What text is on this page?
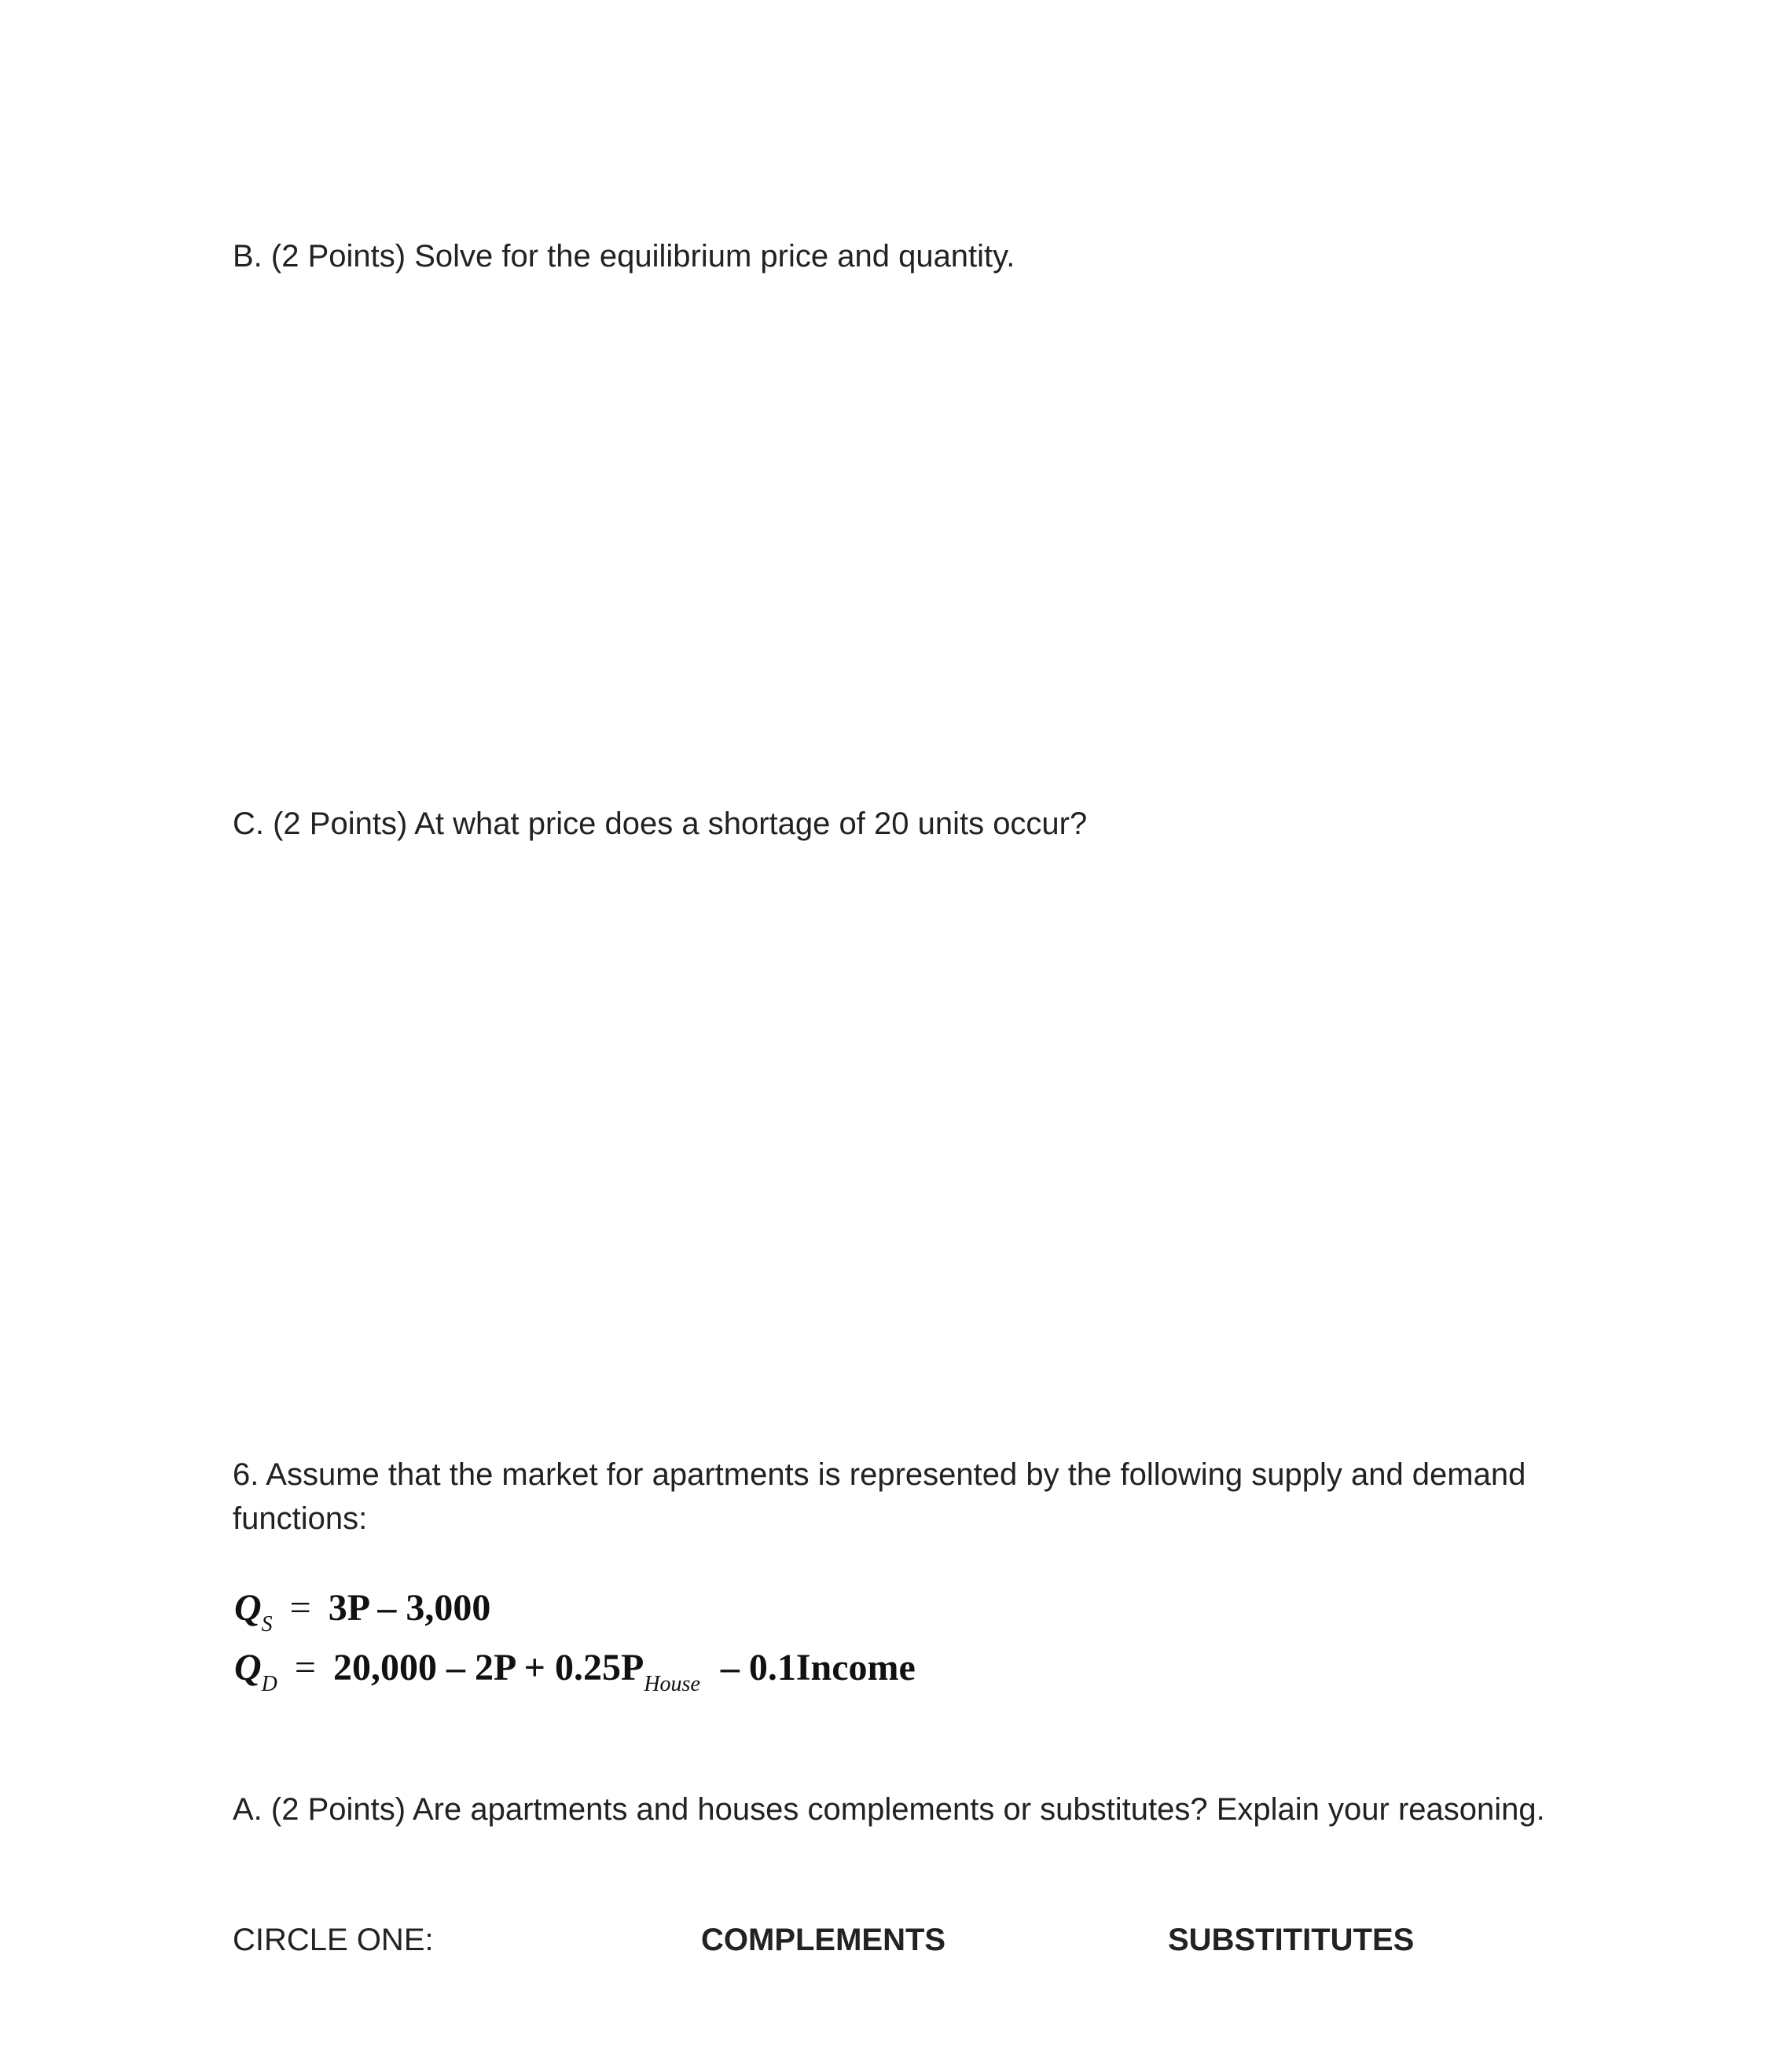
B. (2 Points) Solve for the equilibrium price and quantity.

C. (2 Points) At what price does a shortage of 20 units occur?

6. Assume that the market for apartments is represented by the following supply and demand functions:

$Q_S = 3P - 3,000$
$Q_D = 20,000 - 2P + 0.25P_{House}$ – 0.1Income

A. (2 Points) Are apartments and houses complements or substitutes? Explain your reasoning.

CIRCLE ONE:	COMPLEMENTS	SUBSTITITUTES
